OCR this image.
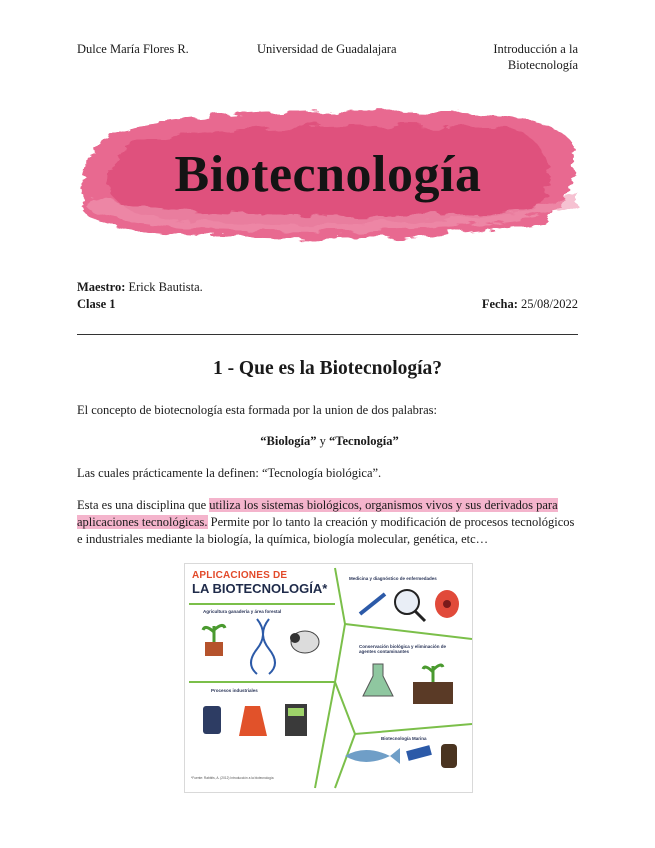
Dulce María Flores R.	Universidad de Guadalajara	Introducción a la
Biotecnología
Biotecnología
Maestro: Erick Bautista.
Clase 1	Fecha: 25/08/2022
1 - Que es la Biotecnología?
El concepto de biotecnología esta formada por la union de dos palabras:
“Biología” y “Tecnología”
Las cuales prácticamente la definen: “Tecnología biológica”.
Esta es una disciplina que utiliza los sistemas biológicos, organismos vivos y sus derivados para aplicaciones tecnológicas. Permite por lo tanto la creación y modificación de procesos tecnológicos e industriales mediante la biología, la química, biología molecular, genética, etc…
APLICACIONES DE
LA BIOTECNOLOGÍA*
Agricultura ganadería y área forestal
Medicina y diagnóstico de enfermedades
Conservación biológica y eliminación de agentes contaminantes
Procesos industriales
Biotecnología Marina
*Fuente: Rabbits, A. (2012) Introducción a la biotecnología
